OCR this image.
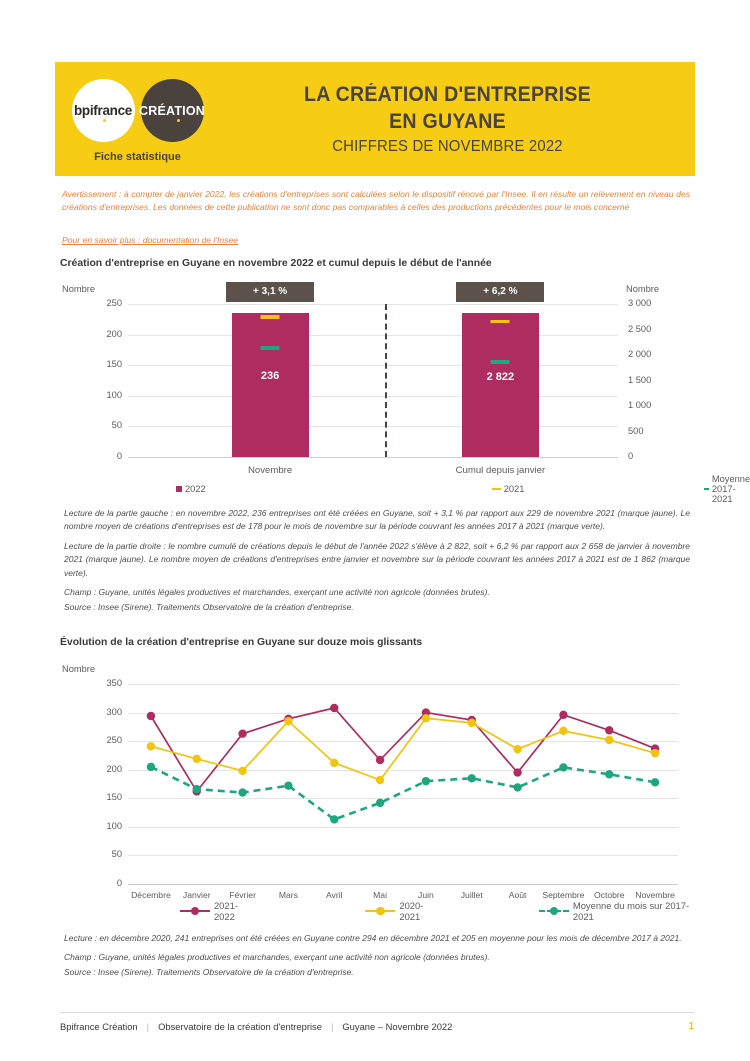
bpifrance CRÉATION
Fiche statistique
LA CRÉATION D'ENTREPRISE
EN GUYANE
CHIFFRES DE NOVEMBRE 2022
Avertissement : à compter de janvier 2022, les créations d'entreprises sont calculées selon le dispositif rénové par l'Insee. Il en résulte un relèvement en niveau des créations d'entreprises. Les données de cette publication ne sont donc pas comparables à celles des productions précédentes pour le mois concerné
Pour en savoir plus : documentation de l'Insee
Création d'entreprise en Guyane en novembre 2022 et cumul depuis le début de l'année
Nombre	Nombre
0
50
100
150
200
250
0
500
1 000
1 500
2 000
2 500
3 000
236
+ 3,1 %
Novembre
2 822
+ 6,2 %
Cumul depuis janvier
2022	2021
Moyenne 2017-2021

Lecture de la partie gauche : en novembre 2022, 236 entreprises ont été créées en Guyane, soit + 3,1 % par rapport aux 229 de novembre 2021 (marque jaune). Le nombre moyen de créations d'entreprises est de 178 pour le mois de novembre sur la période couvrant les années 2017 à 2021 (marque verte).

Lecture de la partie droite : le nombre cumulé de créations depuis le début de l'année 2022 s'élève à 2 822, soit + 6,2 % par rapport aux 2 658 de janvier à novembre 2021 (marque jaune). Le nombre moyen de créations d'entreprises entre janvier et novembre sur la période couvrant les années 2017 à 2021 est de 1 862 (marque verte).

Champ : Guyane, unités légales productives et marchandes, exerçant une activité non agricole (données brutes).

Source : Insee (Sirene). Traitements Observatoire de la création d'entreprise.

Évolution de la création d'entreprise en Guyane sur douze mois glissants
Nombre
0
50
100
150
200
250
300
350
Décembre Janvier Février	Mars	Avril	Mai	Juin	Juillet	Août Septembre Octobre Novembre
2021-2022
2020-2021
Moyenne du mois sur 2017-2021

Lecture : en décembre 2020, 241 entreprises ont été créées en Guyane contre 294 en décembre 2021 et 205 en moyenne pour les mois de décembre 2017 à 2021.

Champ : Guyane, unités légales productives et marchandes, exerçant une activité non agricole (données brutes).

Source : Insee (Sirene). Traitements Observatoire de la création d'entreprise.

Bpifrance Création | Observatoire de la création d'entreprise | Guyane – Novembre 2022	1
